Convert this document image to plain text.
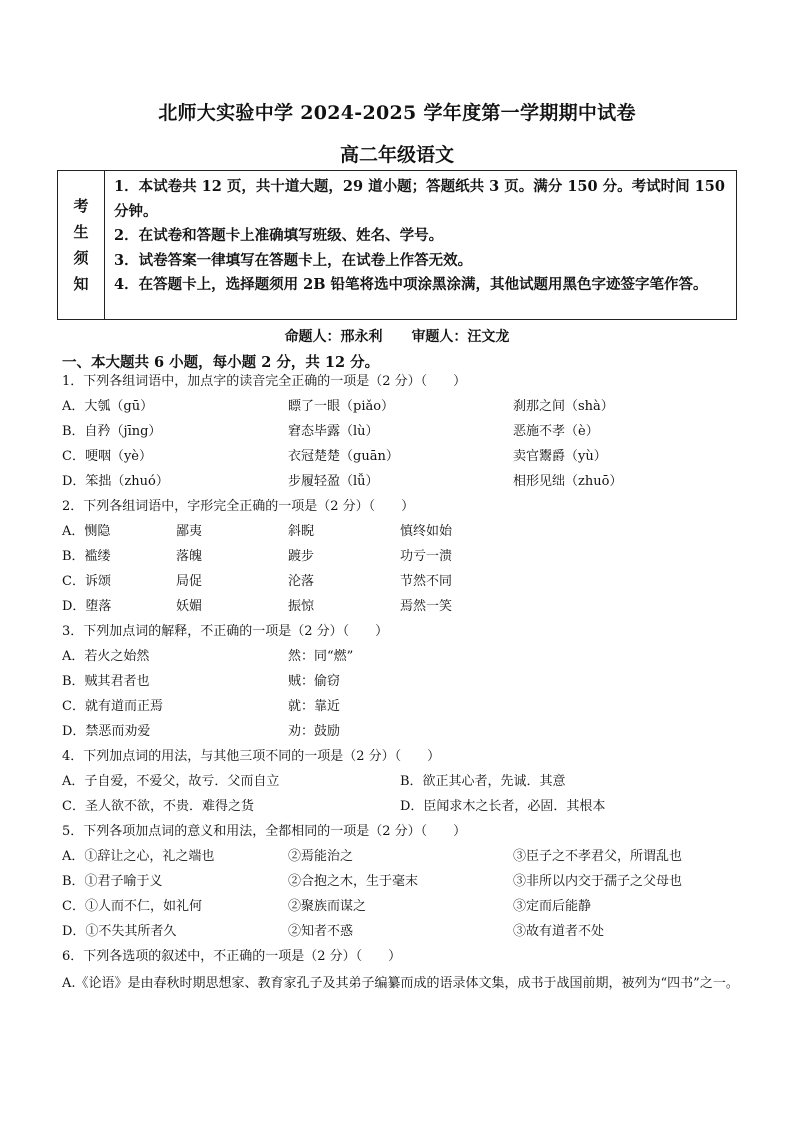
北师大实验中学 2024-2025 学年度第一学期期中试卷
高二年级语文
考
生
须
知
1．本试卷共 12 页，共十道大题，29 道小题；答题纸共 3 页。满分 150 分。考试时间 150 分钟。
2．在试卷和答题卡上准确填写班级、姓名、学号。
3．试卷答案一律填写在答题卡上，在试卷上作答无效。
4．在答题卡上，选择题须用 2B 铅笔将选中项涂黑涂满，其他试题用黑色字迹签字笔作答。
命题人：邢永利 审题人：汪文龙
一、本大题共 6 小题，每小题 2 分，共 12 分。
1．下列各组词语中，加点字的读音完全正确的一项是（2 分）（　　）
A．大瓠（gū）	瞟了一眼（piǎo）	刹那之间（shà）
B．自矜（jīng）	窘态毕露（lù）	恶施不孝（è）
C．哽咽（yè）	衣冠楚楚（guān）	卖官鬻爵（yù）
D．笨拙（zhuó）	步履轻盈（lǚ）	相形见绌（zhuō）
2．下列各组词语中，字形完全正确的一项是（2 分）（　　）
A．恻隐	鄙夷	斜睨	慎终如始
B．褴缕	落魄	踱步	功亏一溃
C．诉颂	局促	沦落	节然不同
D．堕落	妖媚	振惊	焉然一笑
3．下列加点词的解释，不正确的一项是（2 分）（　　）
A．若火之始然	然：同“燃”
B．贼其君者也	贼：偷窃
C．就有道而正焉	就：靠近
D．禁恶而劝爱	劝：鼓励
4．下列加点词的用法，与其他三项不同的一项是（2 分）（　　）
A．子自爱，不爱父，故亏．父而自立	B．欲正其心者，先诚．其意
C．圣人欲不欲，不贵．难得之货	D．臣闻求木之长者，必固．其根本
5．下列各项加点词的意义和用法，全都相同的一项是（2 分）（　　）
A．①辞让之心，礼之端也	②焉能治之	③臣子之不孝君父，所谓乱也
B．①君子喻于义	②合抱之木，生于毫末	③非所以内交于孺子之父母也
C．①人而不仁，如礼何	②聚族而谋之	③定而后能静
D．①不失其所者久	②知者不惑	③故有道者不处
6．下列各选项的叙述中，不正确的一项是（2 分）（　　）
A.《论语》是由春秋时期思想家、教育家孔子及其弟子编纂而成的语录体文集，成书于战国前期，被列为“四书”之一。
